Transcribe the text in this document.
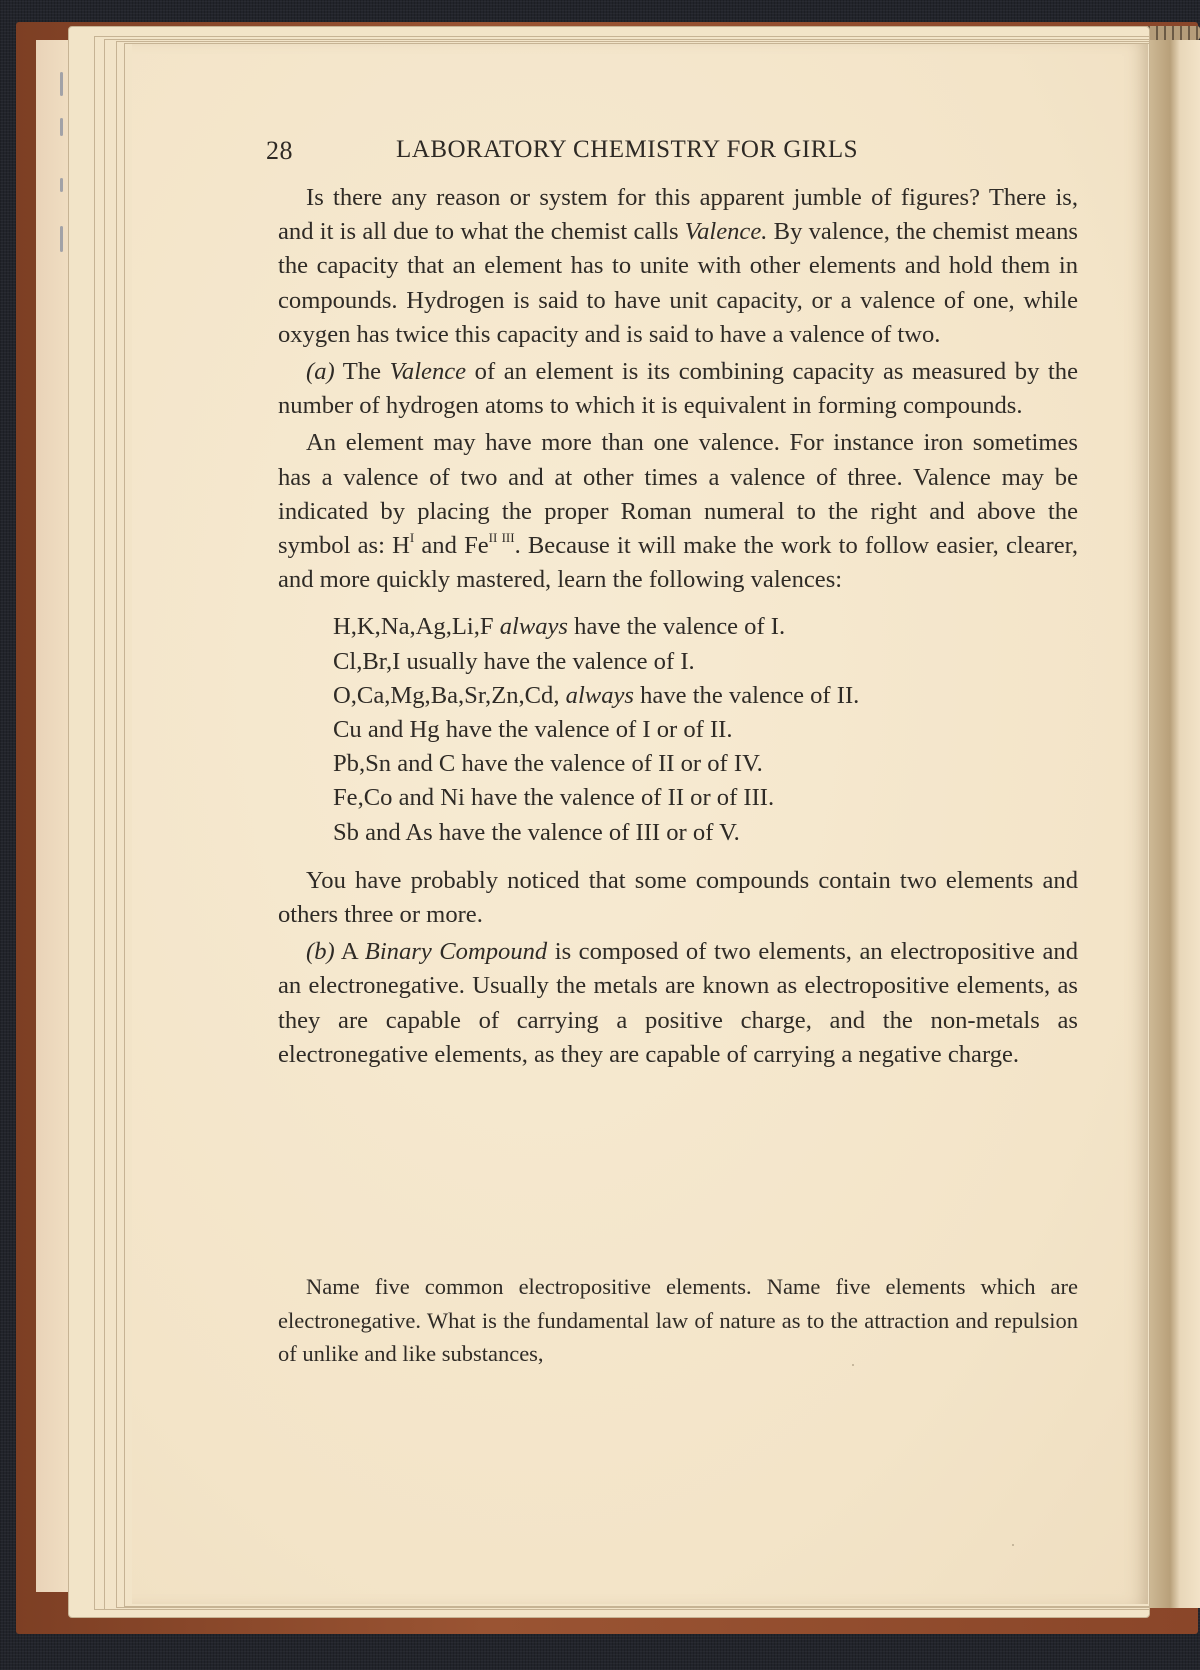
28	LABORATORY CHEMISTRY FOR GIRLS

Is there any reason or system for this apparent jumble of figures? There is, and it is all due to what the chemist calls Valence. By valence, the chemist means the capacity that an element has to unite with other elements and hold them in compounds. Hydrogen is said to have unit capacity, or a valence of one, while oxygen has twice this capacity and is said to have a valence of two.

(a) The Valence of an element is its combining capacity as measured by the number of hydrogen atoms to which it is equivalent in forming compounds.

An element may have more than one valence. For instance iron sometimes has a valence of two and at other times a valence of three. Valence may be indicated by placing the proper Roman numeral to the right and above the symbol as: $H^I$ and $Fe^{II III}$. Because it will make the work to follow easier, clearer, and more quickly mastered, learn the following valences:

H,K,Na,Ag,Li,F always have the valence of I.
Cl,Br,I usually have the valence of I.
O,Ca,Mg,Ba,Sr,Zn,Cd, always have the valence of II.
Cu and Hg have the valence of I or of II.
Pb,Sn and C have the valence of II or of IV.
Fe,Co and Ni have the valence of II or of III.
Sb and As have the valence of III or of V.

You have probably noticed that some compounds contain two elements and others three or more.

(b) A Binary Compound is composed of two elements, an electropositive and an electronegative. Usually the metals are known as electropositive elements, as they are capable of carrying a positive charge, and the non-metals as electronegative elements, as they are capable of carrying a negative charge.

Name five common electropositive elements. Name five elements which are electronegative. What is the fundamental law of nature as to the attraction and repulsion of unlike and like substances,
